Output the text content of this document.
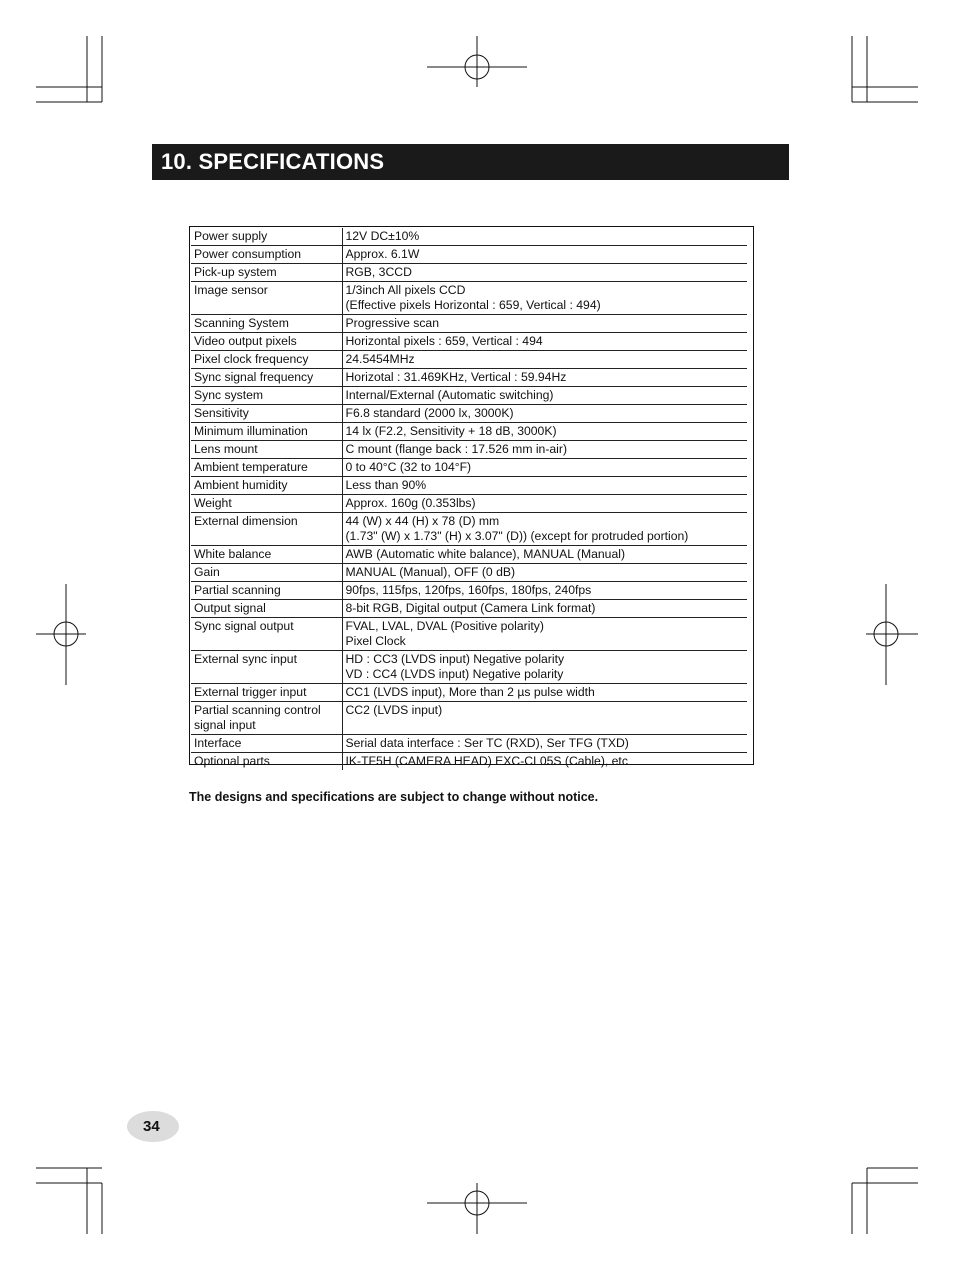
10. SPECIFICATIONS
Power supply	12V DC±10%

Power consumption	Approx. 6.1W

Pick-up system	RGB, 3CCD

Image sensor	1/3inch All pixels CCD
(Effective pixels Horizontal : 659, Vertical : 494)

Scanning System	Progressive scan

Video output pixels	Horizontal pixels : 659, Vertical : 494

Pixel clock frequency	24.5454MHz

Sync signal frequency	Horizotal : 31.469KHz, Vertical : 59.94Hz

Sync system	Internal/External (Automatic switching)

Sensitivity	F6.8 standard (2000 lx, 3000K)

Minimum illumination	14 lx (F2.2, Sensitivity + 18 dB, 3000K)

Lens mount	C mount (flange back : 17.526 mm in-air)

Ambient temperature	0 to 40°C (32 to 104°F)

Ambient humidity	Less than 90%

Weight	Approx. 160g (0.353lbs)

External dimension	44 (W) x 44 (H) x 78 (D) mm
(1.73" (W) x 1.73" (H) x 3.07" (D)) (except for protruded portion)

White balance	AWB (Automatic white balance), MANUAL (Manual)

Gain	MANUAL (Manual), OFF (0 dB)

Partial scanning	90fps, 115fps, 120fps, 160fps, 180fps, 240fps

Output signal	8-bit RGB, Digital output (Camera Link format)

Sync signal output	FVAL, LVAL, DVAL (Positive polarity)
Pixel Clock

External sync input	HD : CC3 (LVDS input) Negative polarity
VD : CC4 (LVDS input) Negative polarity

External trigger input	CC1 (LVDS input), More than 2 µs pulse width

Partial scanning control signal input	CC2 (LVDS input)

Interface	Serial data interface : Ser TC (RXD), Ser TFG (TXD)

Optional parts	IK-TF5H (CAMERA HEAD) EXC-CL05S (Cable), etc
The designs and specifications are subject to change without notice.
34
